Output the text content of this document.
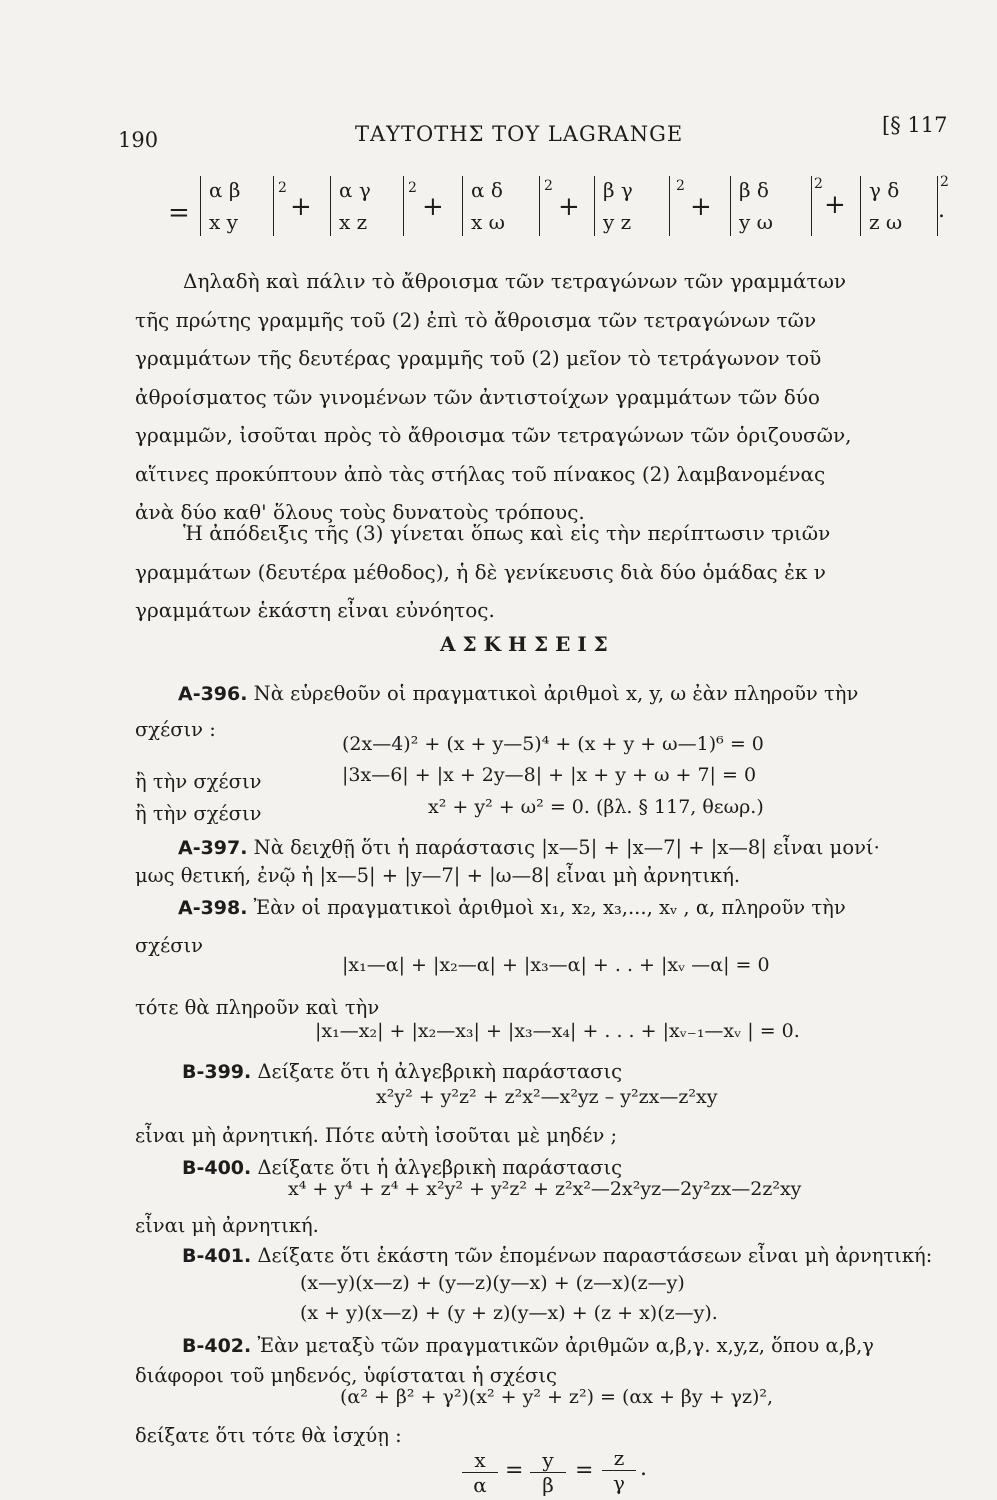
190	ΤΑΥΤΟΤΗΣ ΤΟΥ LAGRANGE	[§ 117
=
α β
x y
2
+
α γ
x z
2
+
α δ
x ω
2
+
β γ
y z
2
+
β δ
y ω
2
+ γ δ
z ω
2
.
Δηλαδὴ καὶ πάλιν τὸ ἄθροισμα τῶν τετραγώνων τῶν γραμμάτων
τῆς πρώτης γραμμῆς τοῦ (2) ἐπὶ τὸ ἄθροισμα τῶν τετραγώνων τῶν
γραμμάτων τῆς δευτέρας γραμμῆς τοῦ (2) μεῖον τὸ τετράγωνον τοῦ
ἀθροίσματος τῶν γινομένων τῶν ἀντιστοίχων γραμμάτων τῶν δύο
γραμμῶν, ἰσοῦται πρὸς τὸ ἄθροισμα τῶν τετραγώνων τῶν ὁριζουσῶν,
αἵτινες προκύπτουν ἀπὸ τὰς στήλας τοῦ πίνακος (2) λαμβανομένας
ἀνὰ δύο καθ' ὅλους τοὺς δυνατοὺς τρόπους.
Ἡ ἀπόδειξις τῆς (3) γίνεται ὅπως καὶ εἰς τὴν περίπτωσιν τριῶν
γραμμάτων (δευτέρα μέθοδος), ἡ δὲ γενίκευσις διὰ δύο ὁμάδας ἐκ ν
γραμμάτων ἑκάστη εἶναι εὐνόητος.
ΑΣΚΗΣΕΙΣ
Α-396. Νὰ εὑρεθοῦν οἱ πραγματικοὶ ἀριθμοὶ x, y, ω ἐὰν πληροῦν τὴν
σχέσιν :
(2x—4)² + (x + y—5)⁴ + (x + y + ω—1)⁶ = 0
ἢ τὴν σχέσιν	|3x—6| + |x + 2y—8| + |x + y + ω + 7| = 0
ἢ τὴν σχέσιν	x² + y² + ω² = 0. (βλ. § 117, θεωρ.)
Α-397. Νὰ δειχθῇ ὅτι ἡ παράστασις |x—5| + |x—7| + |x—8| εἶναι μονί·
μως θετική, ἐνῷ ἡ |x—5| + |y—7| + |ω—8| εἶναι μὴ ἀρνητική.
Α-398. Ἐὰν οἱ πραγματικοὶ ἀριθμοὶ x₁, x₂, x₃,..., xᵥ , α, πληροῦν τὴν
σχέσιν
|x₁—α| + |x₂—α| + |x₃—α| + . . + |xᵥ —α| = 0
τότε θὰ πληροῦν καὶ τὴν
|x₁—x₂| + |x₂—x₃| + |x₃—x₄| + . . . + |xᵥ₋₁—xᵥ | = 0.
Β-399. Δείξατε ὅτι ἡ ἀλγεβρικὴ παράστασις
x²y² + y²z² + z²x²—x²yz – y²zx—z²xy
εἶναι μὴ ἀρνητική. Πότε αὐτὴ ἰσοῦται μὲ μηδέν ;
Β-400. Δείξατε ὅτι ἡ ἀλγεβρικὴ παράστασις
x⁴ + y⁴ + z⁴ + x²y² + y²z² + z²x²—2x²yz—2y²zx—2z²xy
εἶναι μὴ ἀρνητική.
Β-401. Δείξατε ὅτι ἑκάστη τῶν ἑπομένων παραστάσεων εἶναι μὴ ἀρνητική:
(x—y)(x—z) + (y—z)(y—x) + (z—x)(z—y)
(x + y)(x—z) + (y + z)(y—x) + (z + x)(z—y).
Β-402. Ἐὰν μεταξὺ τῶν πραγματικῶν ἀριθμῶν α,β,γ. x,y,z, ὅπου α,β,γ
διάφοροι τοῦ μηδενός, ὑφίσταται ἡ σχέσις
(α² + β² + γ²)(x² + y² + z²) = (αx + βy + γz)²,
δείξατε ὅτι τότε θὰ ἰσχύῃ :
$\frac{x}{\alpha} = \frac{y}{\beta} = \frac{z}{\gamma}$ .
